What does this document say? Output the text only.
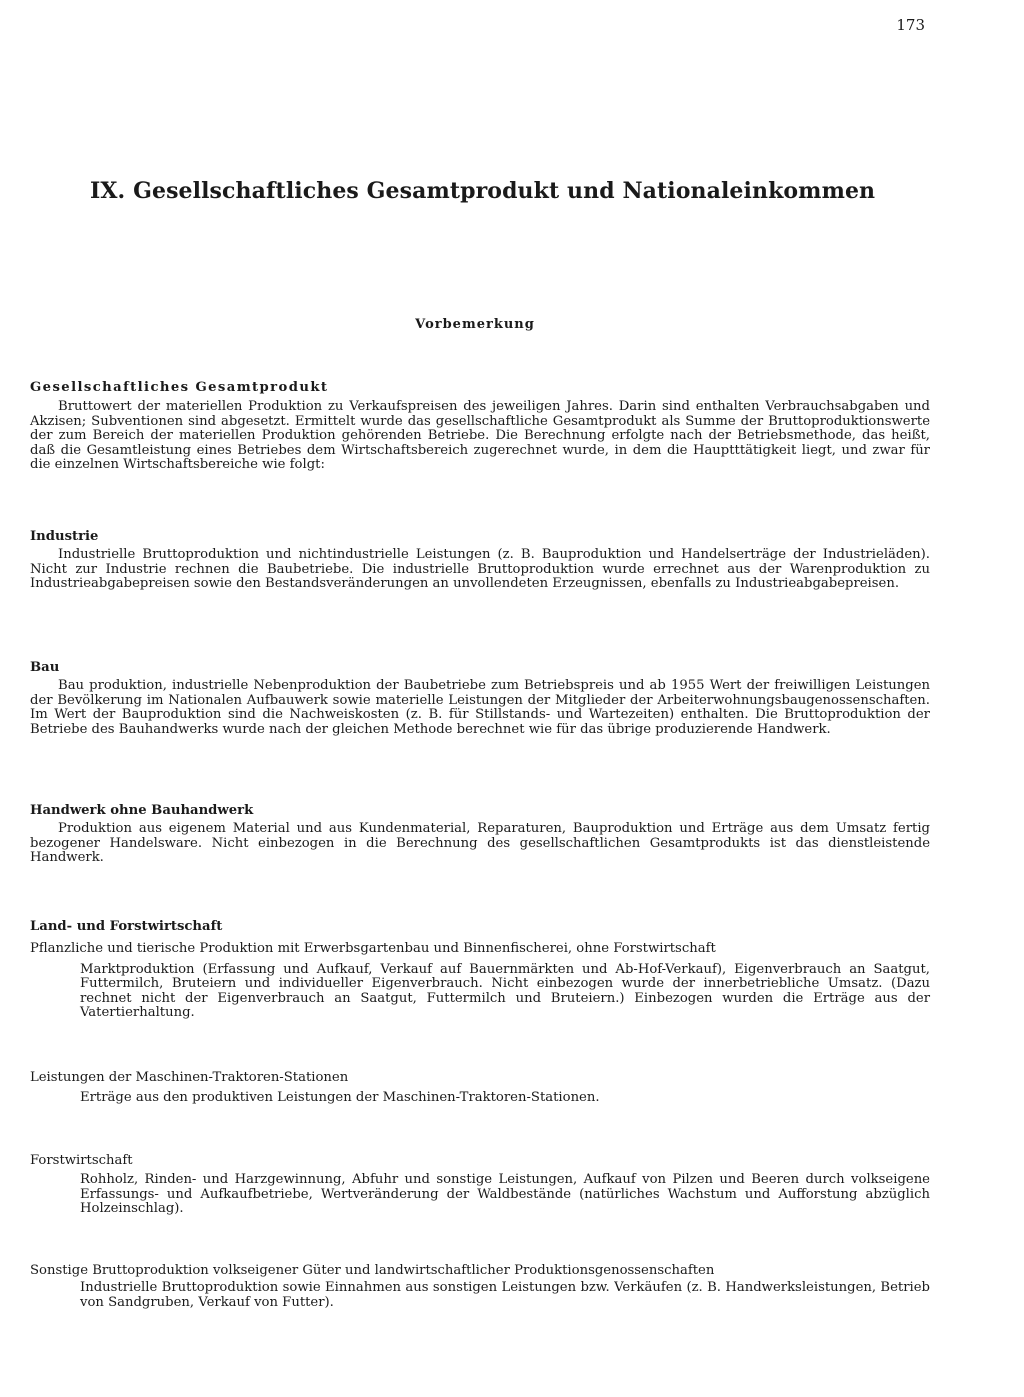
173
IX. Gesellschaftliches Gesamtprodukt und Nationaleinkommen
Vorbemerkung
Gesellschaftliches Gesamtprodukt
Bruttowert der materiellen Produktion zu Verkaufspreisen des jeweiligen Jahres. Darin sind enthalten Verbrauchsabgaben und Akzisen; Subventionen sind abgesetzt. Ermittelt wurde das gesellschaftliche Gesamtprodukt als Summe der Bruttoproduktionswerte der zum Bereich der materiellen Produktion gehörenden Betriebe. Die Berechnung erfolgte nach der Betriebsmethode, das heißt, daß die Gesamtleistung eines Betriebes dem Wirtschaftsbereich zugerechnet wurde, in dem die Hauptttätigkeit liegt, und zwar für die einzelnen Wirtschaftsbereiche wie folgt:
Industrie
Industrielle Bruttoproduktion und nichtindustrielle Leistungen (z. B. Bauproduktion und Handelserträge der Industrieläden). Nicht zur Industrie rechnen die Baubetriebe. Die industrielle Bruttoproduktion wurde errechnet aus der Warenproduktion zu Industrieabgabepreisen sowie den Bestandsveränderungen an unvollendeten Erzeugnissen, ebenfalls zu Industrieabgabepreisen.
Bau
Bau produktion, industrielle Nebenproduktion der Baubetriebe zum Betriebspreis und ab 1955 Wert der freiwilligen Leistungen der Bevölkerung im Nationalen Aufbauwerk sowie materielle Leistungen der Mitglieder der Arbeiterwohnungsbaugenossenschaften. Im Wert der Bauproduktion sind die Nachweiskosten (z. B. für Stillstands- und Wartezeiten) enthalten. Die Bruttoproduktion der Betriebe des Bauhandwerks wurde nach der gleichen Methode berechnet wie für das übrige produzierende Handwerk.
Handwerk ohne Bauhandwerk
Produktion aus eigenem Material und aus Kundenmaterial, Reparaturen, Bauproduktion und Erträge aus dem Umsatz fertig bezogener Handelsware. Nicht einbezogen in die Berechnung des gesellschaftlichen Gesamtprodukts ist das dienstleistende Handwerk.
Land- und Forstwirtschaft
Pflanzliche und tierische Produktion mit Erwerbsgartenbau und Binnenfischerei, ohne Forstwirtschaft
Marktproduktion (Erfassung und Aufkauf, Verkauf auf Bauernmärkten und Ab-Hof-Verkauf), Eigenverbrauch an Saatgut, Futtermilch, Bruteiern und individueller Eigenverbrauch. Nicht einbezogen wurde der innerbetriebliche Umsatz. (Dazu rechnet nicht der Eigenverbrauch an Saatgut, Futtermilch und Bruteiern.) Einbezogen wurden die Erträge aus der Vatertierhaltung.
Leistungen der Maschinen-Traktoren-Stationen
Erträge aus den produktiven Leistungen der Maschinen-Traktoren-Stationen.
Forstwirtschaft
Rohholz, Rinden- und Harzgewinnung, Abfuhr und sonstige Leistungen, Aufkauf von Pilzen und Beeren durch volkseigene Erfassungs- und Aufkaufbetriebe, Wertveränderung der Waldbestände (natürliches Wachstum und Aufforstung abzüglich Holzeinschlag).
Sonstige Bruttoproduktion volkseigener Güter und landwirtschaftlicher Produktionsgenossenschaften
Industrielle Bruttoproduktion sowie Einnahmen aus sonstigen Leistungen bzw. Verkäufen (z. B. Handwerksleistungen, Betrieb von Sandgruben, Verkauf von Futter).
